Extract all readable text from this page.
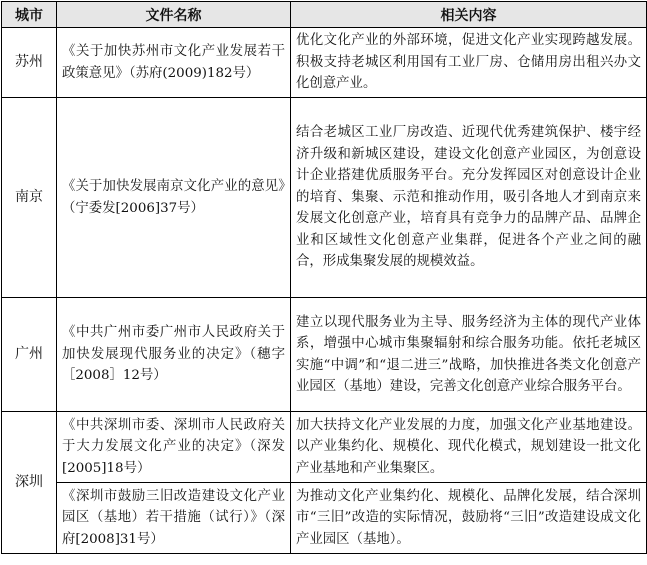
城市	文件名称	相关内容
苏州	《关于加快苏州市文化产业发展若干政策意见》（苏府(2009)182号）	优化文化产业的外部环境，促进文化产业实现跨越发展。积极支持老城区利用国有工业厂房、仓储用房出租兴办文化创意产业。
南京	《关于加快发展南京文化产业的意见》（宁委发[2006]37号）	结合老城区工业厂房改造、近现代优秀建筑保护、楼宇经济升级和新城区建设，建设文化创意产业园区，为创意设计企业搭建优质服务平台。充分发挥园区对创意设计企业的培育、集聚、示范和推动作用，吸引各地人才到南京来发展文化创意产业，培育具有竞争力的品牌产品、品牌企业和区域性文化创意产业集群，促进各个产业之间的融合，形成集聚发展的规模效益。
广州	《中共广州市委广州市人民政府关于加快发展现代服务业的决定》（穗字［2008］12号）	建立以现代服务业为主导、服务经济为主体的现代产业体系，增强中心城市集聚辐射和综合服务功能。依托老城区实施“中调”和“退二进三”战略，加快推进各类文化创意产业园区（基地）建设，完善文化创意产业综合服务平台。
深圳	《中共深圳市委、深圳市人民政府关于大力发展文化产业的决定》（深发[2005]18号）	加大扶持文化产业发展的力度，加强文化产业基地建设。以产业集约化、规模化、现代化模式，规划建设一批文化产业基地和产业集聚区。
	《深圳市鼓励三旧改造建设文化产业园区（基地）若干措施（试行）》（深府[2008]31号）	为推动文化产业集约化、规模化、品牌化发展，结合深圳市“三旧”改造的实际情况，鼓励将“三旧”改造建设成文化产业园区（基地）。
